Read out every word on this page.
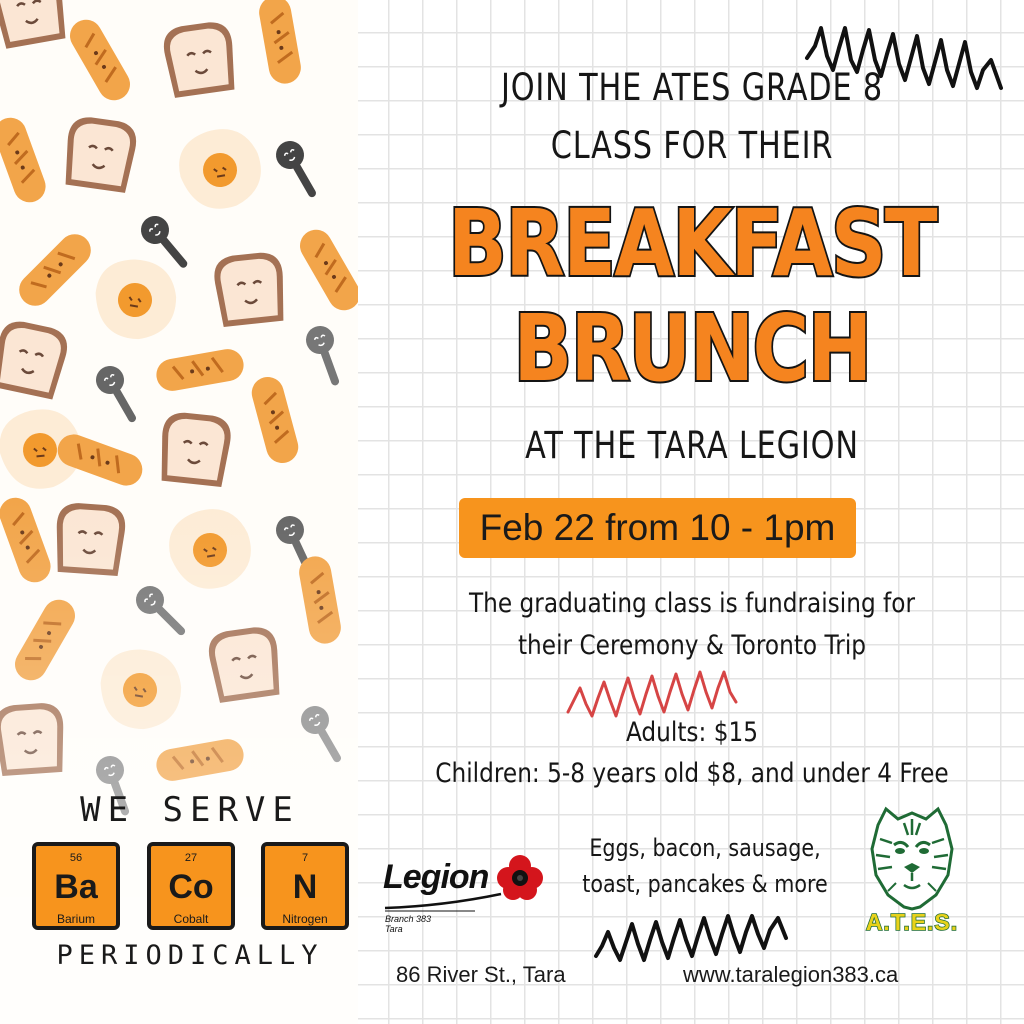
JOIN THE ATES GRADE 8
CLASS FOR THEIR
BREAKFAST
BRUNCH
AT THE TARA LEGION
Feb 22 from 10 - 1pm
The graduating class is fundraising for
their Ceremony & Toronto Trip
Adults: $15
Children: 5-8 years old $8, and under 4 Free
Legion
Branch 383
Tara
Eggs, bacon, sausage,
toast, pancakes & more
A.T.E.S.
86 River St., Tara	www.taralegion383.ca
WE SERVE
56
Ba
Barium
27
Co
Cobalt
7
N
Nitrogen
PERIODICALLY
